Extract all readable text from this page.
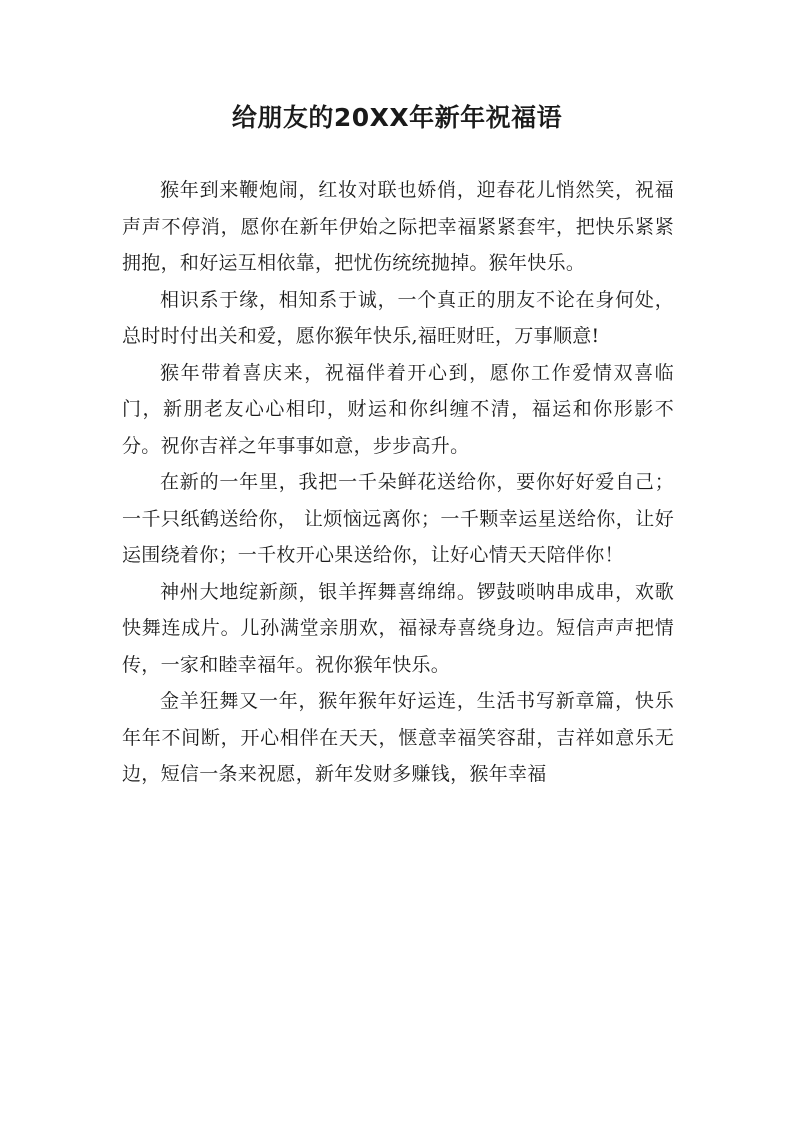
给朋友的20XX年新年祝福语

猴年到来鞭炮闹，红妆对联也娇俏，迎春花儿悄然笑，祝福声声不停消，愿你在新年伊始之际把幸福紧紧套牢，把快乐紧紧拥抱，和好运互相依靠，把忧伤统统抛掉。猴年快乐。

相识系于缘，相知系于诚，一个真正的朋友不论在身何处，总时时付出关和爱，愿你猴年快乐,福旺财旺，万事顺意!

猴年带着喜庆来，祝福伴着开心到，愿你工作爱情双喜临门，新朋老友心心相印，财运和你纠缠不清，福运和你形影不分。祝你吉祥之年事事如意，步步高升。

在新的一年里，我把一千朵鲜花送给你，要你好好爱自己；一千只纸鹤送给你， 让烦恼远离你；一千颗幸运星送给你，让好运围绕着你；一千枚开心果送给你，让好心情天天陪伴你！

神州大地绽新颜，银羊挥舞喜绵绵。锣鼓唢呐串成串，欢歌快舞连成片。儿孙满堂亲朋欢，福禄寿喜绕身边。短信声声把情传，一家和睦幸福年。祝你猴年快乐。

金羊狂舞又一年，猴年猴年好运连，生活书写新章篇，快乐年年不间断，开心相伴在天天，惬意幸福笑容甜，吉祥如意乐无边，短信一条来祝愿，新年发财多赚钱，猴年幸福
